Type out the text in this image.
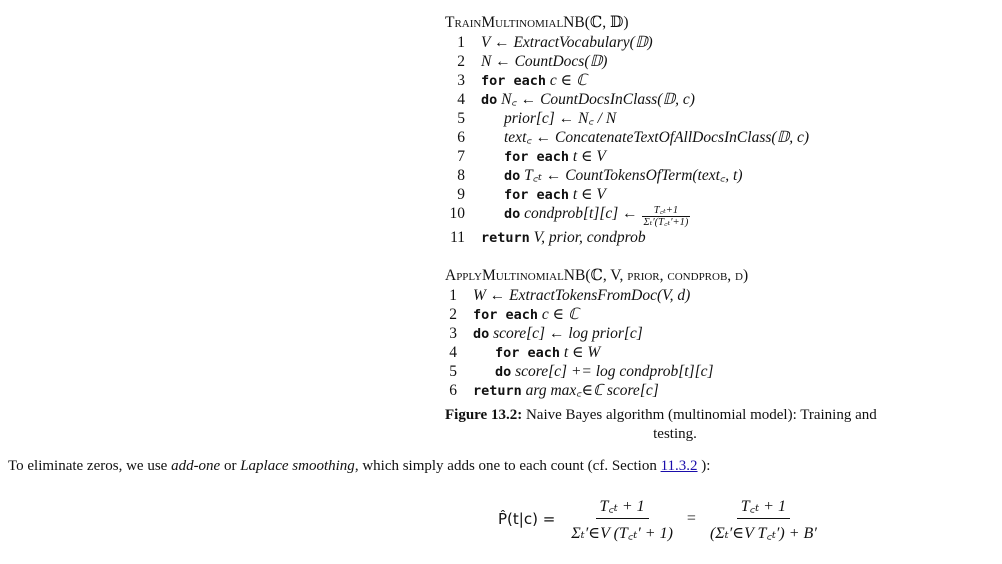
TrainMultinomialNB(ℂ, 𝔻)
1 V ← ExtractVocabulary(𝔻)
2 N ← CountDocs(𝔻)
3 for each c ∈ ℂ
4 do N꜀ ← CountDocsInClass(𝔻, c)
5	prior[c] ← N꜀ / N
6	text꜀ ← ConcatenateTextOfAllDocsInClass(𝔻, c)
7	for each t ∈ V
8	do T꜀ₜ ← CountTokensOfTerm(text꜀, t)
9	for each t ∈ V
10	do condprob[t][c] ← $\frac{\text{T꜀ₜ+1}}{\text{Σₜ′(T꜀ₜ′+1)}}$
11 return V, prior, condprob
ApplyMultinomialNB(ℂ, V, prior, condprob, d)
1 W ← ExtractTokensFromDoc(V, d)
2 for each c ∈ ℂ
3 do score[c] ← log prior[c]
4	for each t ∈ W
5	do score[c] += log condprob[t][c]
6 return arg max꜀∈ℂ score[c]
Figure 13.2: Naive Bayes algorithm (multinomial model): Training and
testing.
To eliminate zeros, we use add-one or Laplace smoothing, which simply adds one to each count (cf. Section 11.3.2 ):
P̂(t|c) = $\frac{\text{T꜀ₜ + 1}}{\text{Σₜ′∈V (T꜀ₜ′ + 1)}} = \frac{\text{T꜀ₜ + 1}}{\text{(Σₜ′∈V T꜀ₜ′) + B′}}$
